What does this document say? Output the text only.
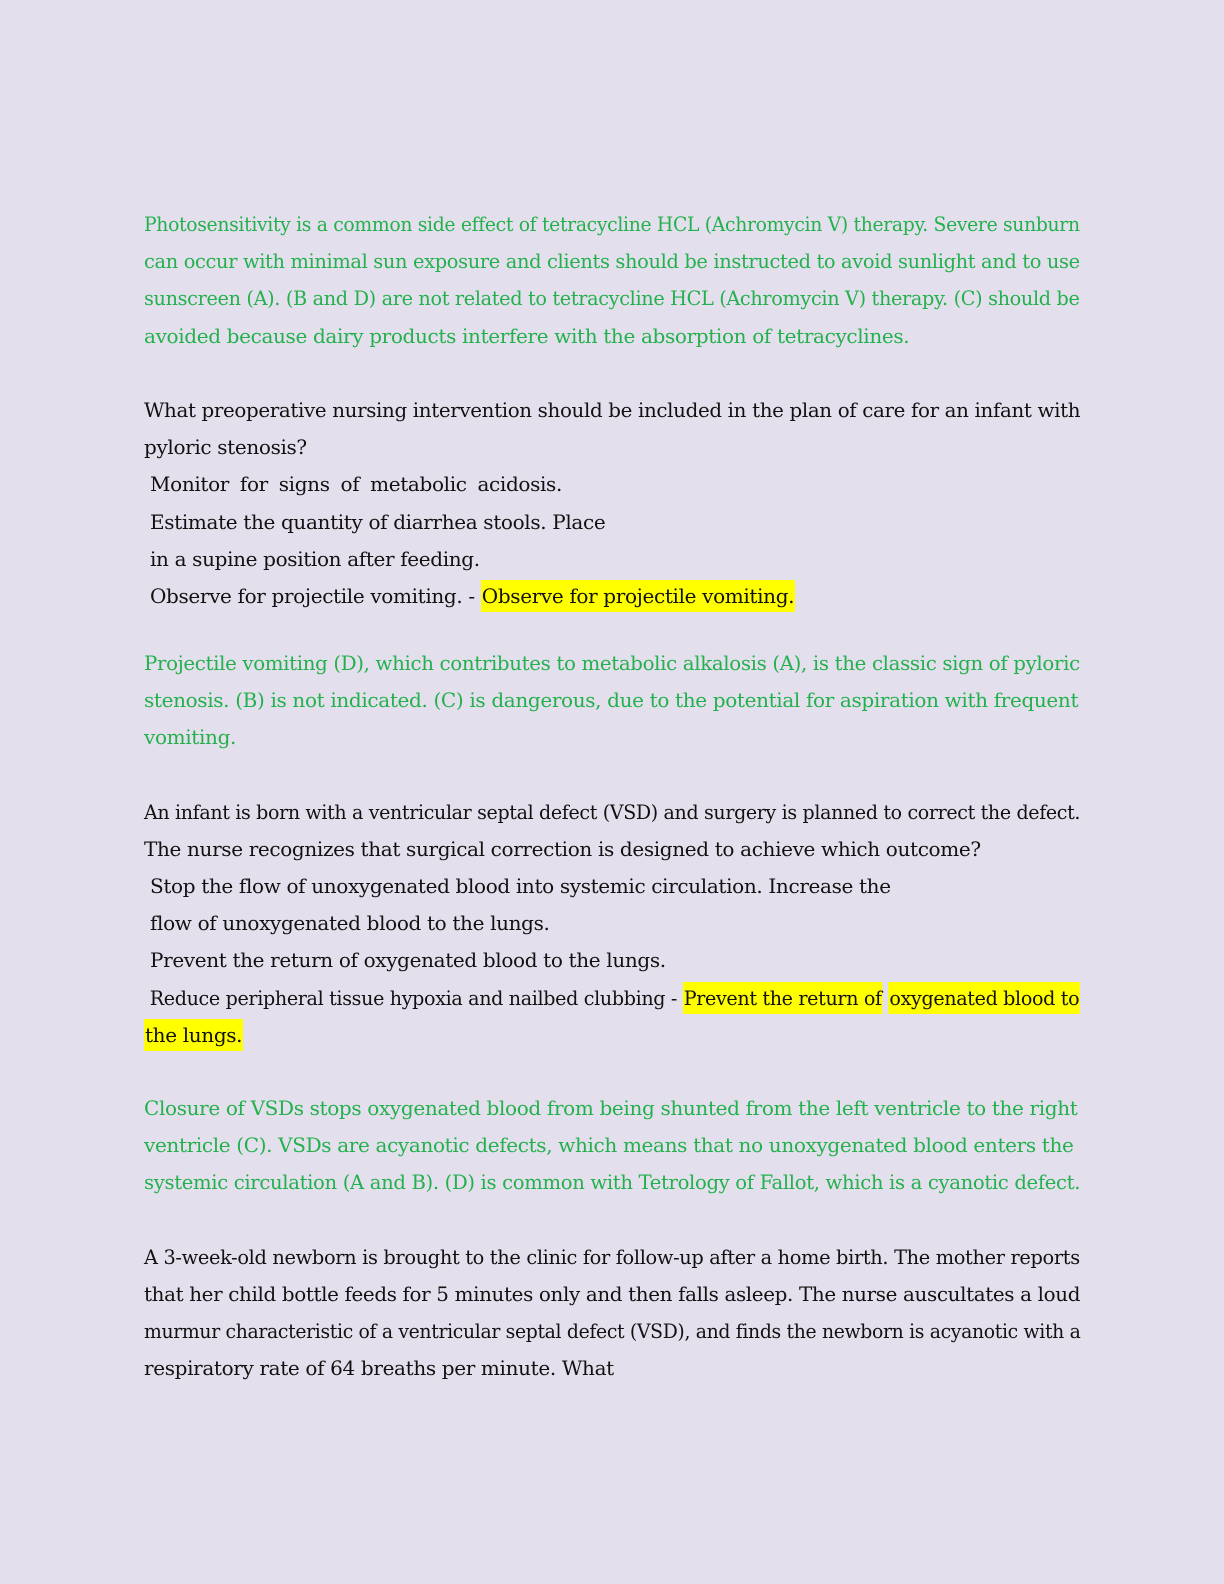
Photosensitivity is a common side effect of tetracycline HCL (Achromycin V) therapy. Severe sunburn
can occur with minimal sun exposure and clients should be instructed to avoid sunlight and to use
sunscreen (A). (B and D) are not related to tetracycline HCL (Achromycin V) therapy. (C) should be
avoided because dairy products interfere with the absorption of tetracyclines.
What preoperative nursing intervention should be included in the plan of care for an infant with
pyloric stenosis?
Monitor for signs of metabolic acidosis.
Estimate the quantity of diarrhea stools. Place
in a supine position after feeding.
Observe for projectile vomiting. - Observe for projectile vomiting.
Projectile vomiting (D), which contributes to metabolic alkalosis (A), is the classic sign of pyloric
stenosis. (B) is not indicated. (C) is dangerous, due to the potential for aspiration with frequent
vomiting.
An infant is born with a ventricular septal defect (VSD) and surgery is planned to correct the defect.
The nurse recognizes that surgical correction is designed to achieve which outcome?
Stop the flow of unoxygenated blood into systemic circulation. Increase the
flow of unoxygenated blood to the lungs.
Prevent the return of oxygenated blood to the lungs.
Reduce peripheral tissue hypoxia and nailbed clubbing - Prevent the return of oxygenated blood to
the lungs.
Closure of VSDs stops oxygenated blood from being shunted from the left ventricle to the right
ventricle (C). VSDs are acyanotic defects, which means that no unoxygenated blood enters the
systemic circulation (A and B). (D) is common with Tetrology of Fallot, which is a cyanotic defect.
A 3-week-old newborn is brought to the clinic for follow-up after a home birth. The mother reports
that her child bottle feeds for 5 minutes only and then falls asleep. The nurse auscultates a loud
murmur characteristic of a ventricular septal defect (VSD), and finds the newborn is acyanotic with a
respiratory rate of 64 breaths per minute. What
